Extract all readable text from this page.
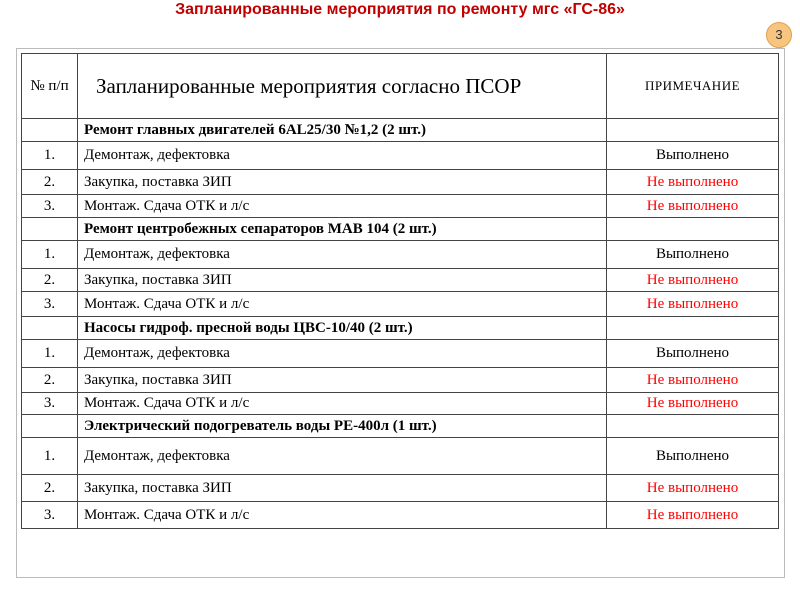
Запланированные мероприятия по ремонту мгс «ГС-86»
3
№ п/п	Запланированные мероприятия согласно ПСОР	ПРИМЕЧАНИЕ
	Ремонт главных двигателей 6AL25/30 №1,2 (2 шт.)	
1.	Демонтаж, дефектовка	Выполнено
2.	Закупка, поставка ЗИП	Не выполнено
3.	Монтаж. Сдача ОТК и л/с	Не выполнено
	Ремонт центробежных сепараторов МАВ 104 (2 шт.)	
1.	Демонтаж, дефектовка	Выполнено
2.	Закупка, поставка ЗИП	Не выполнено
3.	Монтаж. Сдача ОТК и л/с	Не выполнено
	Насосы гидроф. пресной воды ЦВС-10/40 (2 шт.)	
1.	Демонтаж, дефектовка	Выполнено
2.	Закупка, поставка ЗИП	Не выполнено
3.	Монтаж. Сдача ОТК и л/с	Не выполнено
	Электрический подогреватель воды РЕ-400л (1 шт.)	
1.	Демонтаж, дефектовка	Выполнено
2.	Закупка, поставка ЗИП	Не выполнено
3.	Монтаж. Сдача ОТК и л/с	Не выполнено
